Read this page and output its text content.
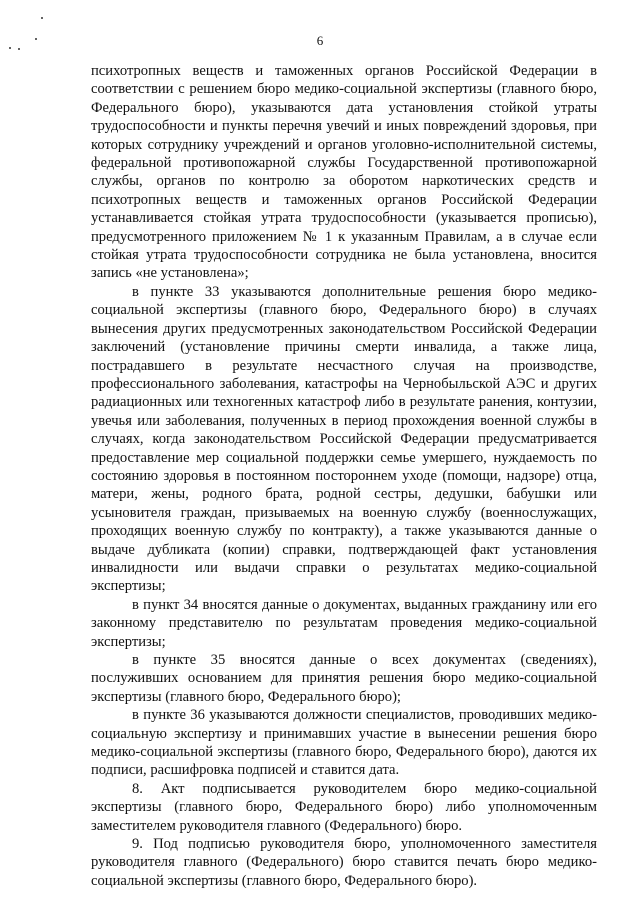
6

психотропных веществ и таможенных органов Российской Федерации в соответствии с решением бюро медико-социальной экспертизы (главного бюро, Федерального бюро), указываются дата установления стойкой утраты трудоспособности и пункты перечня увечий и иных повреждений здоровья, при которых сотруднику учреждений и органов уголовно-исполнительной системы, федеральной противопожарной службы Государственной противопожарной службы, органов по контролю за оборотом наркотических средств и психотропных веществ и таможенных органов Российской Федерации устанавливается стойкая утрата трудоспособности (указывается прописью), предусмотренного приложением № 1 к указанным Правилам, а в случае если стойкая утрата трудоспособности сотрудника не была установлена, вносится запись «не установлена»;

в пункте 33 указываются дополнительные решения бюро медико-социальной экспертизы (главного бюро, Федерального бюро) в случаях вынесения других предусмотренных законодательством Российской Федерации заключений (установление причины смерти инвалида, а также лица, пострадавшего в результате несчастного случая на производстве, профессионального заболевания, катастрофы на Чернобыльской АЭС и других радиационных или техногенных катастроф либо в результате ранения, контузии, увечья или заболевания, полученных в период прохождения военной службы в случаях, когда законодательством Российской Федерации предусматривается предоставление мер социальной поддержки семье умершего, нуждаемость по состоянию здоровья в постоянном постороннем уходе (помощи, надзоре) отца, матери, жены, родного брата, родной сестры, дедушки, бабушки или усыновителя граждан, призываемых на военную службу (военнослужащих, проходящих военную службу по контракту), а также указываются данные о выдаче дубликата (копии) справки, подтверждающей факт установления инвалидности или выдачи справки о результатах медико-социальной экспертизы;

в пункт 34 вносятся данные о документах, выданных гражданину или его законному представителю по результатам проведения медико-социальной экспертизы;

в пункте 35 вносятся данные о всех документах (сведениях), послуживших основанием для принятия решения бюро медико-социальной экспертизы (главного бюро, Федерального бюро);

в пункте 36 указываются должности специалистов, проводивших медико-социальную экспертизу и принимавших участие в вынесении решения бюро медико-социальной экспертизы (главного бюро, Федерального бюро), даются их подписи, расшифровка подписей и ставится дата.

8. Акт подписывается руководителем бюро медико-социальной экспертизы (главного бюро, Федерального бюро) либо уполномоченным заместителем руководителя главного (Федерального) бюро.

9. Под подписью руководителя бюро, уполномоченного заместителя руководителя главного (Федерального) бюро ставится печать бюро медико-социальной экспертизы (главного бюро, Федерального бюро).
